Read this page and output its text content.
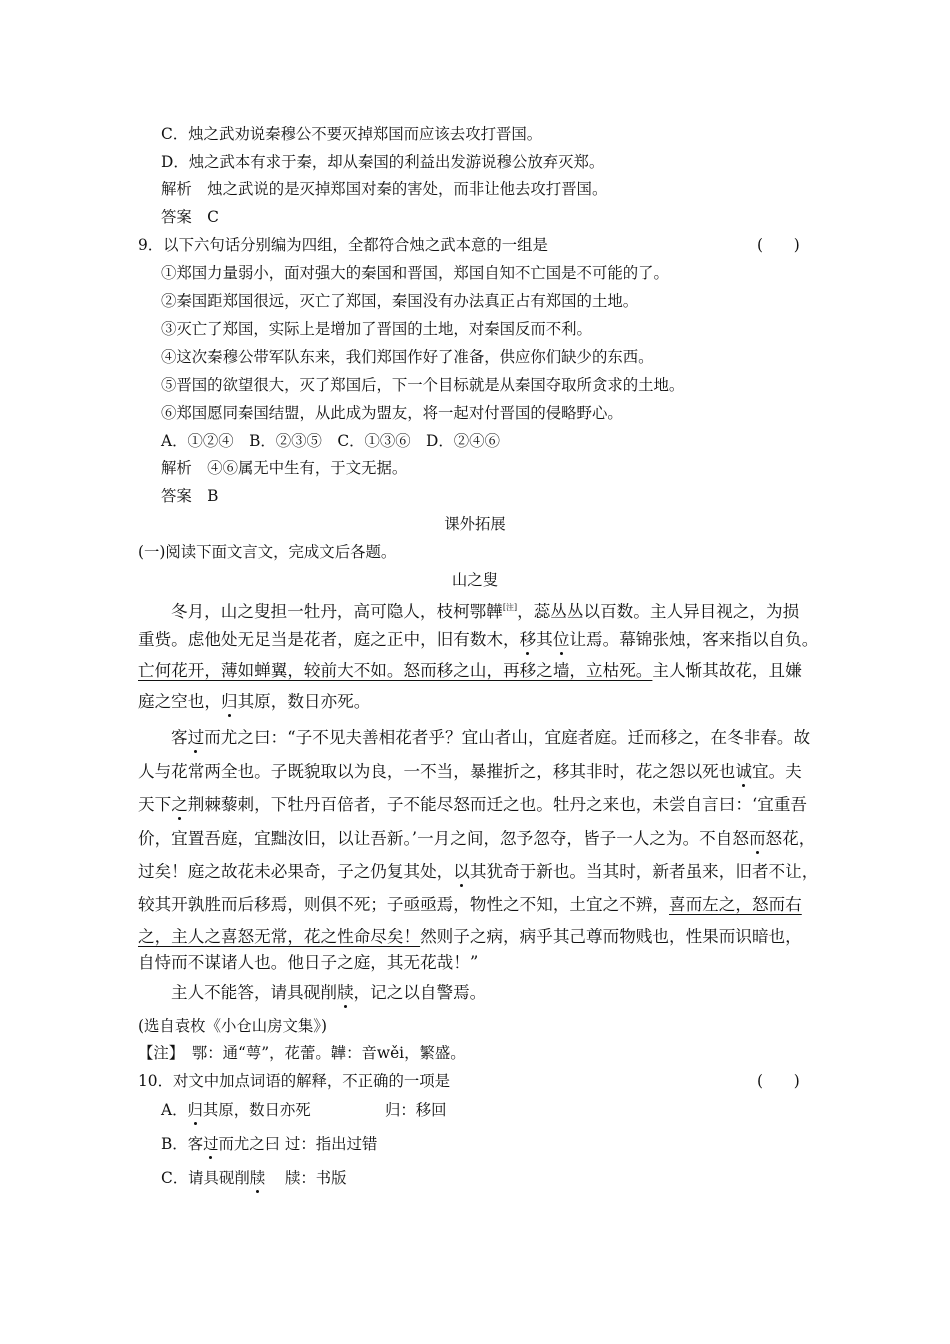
C．烛之武劝说秦穆公不要灭掉郑国而应该去攻打晋国。
D．烛之武本有求于秦，却从秦国的利益出发游说穆公放弃灭郑。
解析　烛之武说的是灭掉郑国对秦的害处，而非让他去攻打晋国。
答案　C
9．以下六句话分别编为四组，全都符合烛之武本意的一组是	(　　)
①郑国力量弱小，面对强大的秦国和晋国，郑国自知不亡国是不可能的了。
②秦国距郑国很远，灭亡了郑国，秦国没有办法真正占有郑国的土地。
③灭亡了郑国，实际上是增加了晋国的土地，对秦国反而不利。
④这次秦穆公带军队东来，我们郑国作好了准备，供应你们缺少的东西。
⑤晋国的欲望很大，灭了郑国后，下一个目标就是从秦国夺取所贪求的土地。
⑥郑国愿同秦国结盟，从此成为盟友，将一起对付晋国的侵略野心。
A．①②④　B．②③⑤　C．①③⑥　D．②④⑥
解析　④⑥属无中生有，于文无据。
答案　B
课外拓展
(一)阅读下面文言文，完成文后各题。
山之叟
冬月，山之叟担一牡丹，高可隐人，枝柯鄂韡[注]，蕊丛丛以百数。主人异目视之，为损
重赀。虑他处无足当是花者，庭之正中，旧有数木，移其位让焉。幕锦张烛，客来指以自负。
亡何花开，薄如蝉翼，较前大不如。怒而移之山，再移之墙，立枯死。主人惭其故花，且嫌
庭之空也，归其原，数日亦死。
客过而尤之曰：“子不见夫善相花者乎？宜山者山，宜庭者庭。迁而移之，在冬非春。故
人与花常两全也。子既貌取以为良，一不当，暴摧折之，移其非时，花之怨以死也诚宜。夫
天下之荆棘藜刺，下牡丹百倍者，子不能尽怒而迁之也。牡丹之来也，未尝自言曰：‘宜重吾
价，宜置吾庭，宜黜汝旧，以让吾新。’一月之间，忽予忽夺，皆子一人之为。不自怒而怒花，
过矣！庭之故花未必果奇，子之仍复其处，以其犹奇于新也。当其时，新者虽来，旧者不让，
较其开孰胜而后移焉，则俱不死；子亟亟焉，物性之不知，土宜之不辨，喜而左之，怒而右
之，主人之喜怒无常，花之性命尽矣！然则子之病，病乎其己尊而物贱也，性果而识暗也，
自恃而不谋诸人也。他日子之庭，其无花哉！”
主人不能答，请具砚削牍，记之以自警焉。
(选自袁枚《小仓山房文集》)
【注】　鄂：通“萼”，花蕾。韡：音wěi，繁盛。
10．对文中加点词语的解释，不正确的一项是	(　　)
A．归其原，数日亦死	归：移回
B．客过而尤之曰 过：指出过错
C．请具砚削牍 牍：书版
